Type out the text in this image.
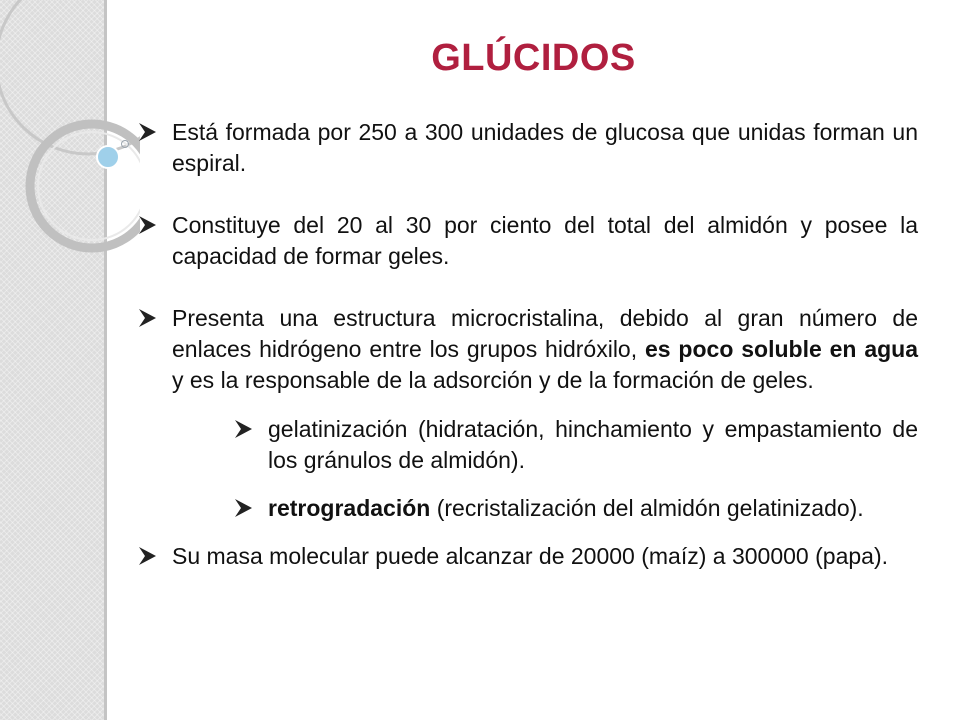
GLÚCIDOS
Está formada por 250 a 300 unidades de glucosa que unidas forman un espiral.
Constituye del 20 al 30 por ciento del total del almidón y posee la capacidad de formar geles.
Presenta una estructura microcristalina, debido al gran número de enlaces hidrógeno entre los grupos hidróxilo, es poco soluble en agua y es la responsable de la adsorción y de la formación de geles.
gelatinización (hidratación, hinchamiento y empastamiento de los gránulos de almidón).
retrogradación (recristalización del almidón gelatinizado).
Su masa molecular puede alcanzar de 20000 (maíz) a 300000 (papa).
